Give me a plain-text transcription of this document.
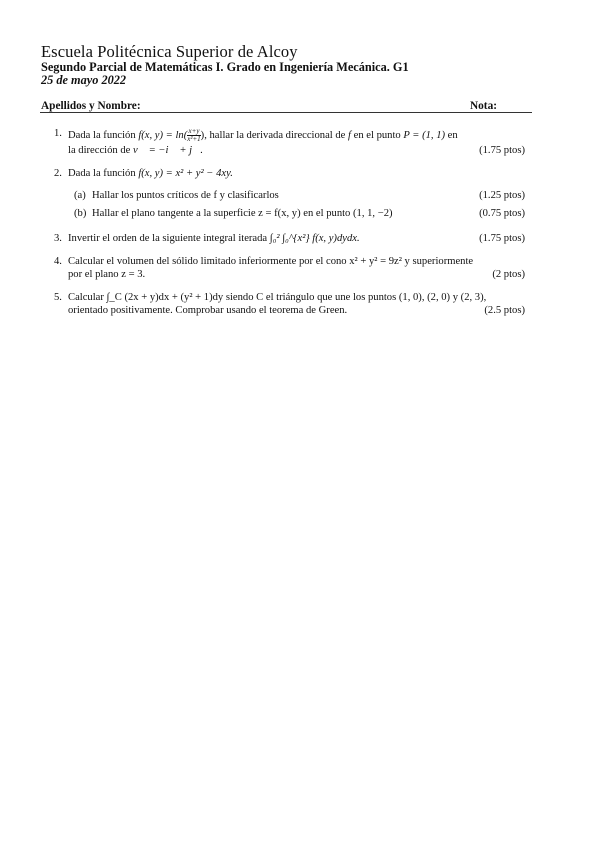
Escuela Politécnica Superior de Alcoy
Segundo Parcial de Matemáticas I. Grado en Ingeniería Mecánica. G1
25 de mayo 2022
Apellidos y Nombre:	Nota:
1. Dada la función f(x, $y) = \ln( \frac{x+y}{\text{x²+1}}$ ), hallar la derivada direccional de f en el punto P = (1, 1) en
la dirección de v⃗ = −i⃗ + j⃗.	(1.75 ptos)
2. Dada la función f(x, y) = x² + y² − 4xy.
(a) Hallar los puntos críticos de f y clasificarlos	(1.25 ptos)
(b) Hallar el plano tangente a la superficie z = f(x, y) en el punto (1, 1, −2)	(0.75 ptos)
3. Invertir el orden de la siguiente integral iterada ∫₀² ∫₀^{x²} f(x, y)dydx.	(1.75 ptos)
4. Calcular el volumen del sólido limitado inferiormente por el cono x² + y² = 9z² y superiormente
por el plano z = 3.	(2 ptos)
5. Calcular ∫_C (2x + y)dx + (y² + 1)dy siendo C el triángulo que une los puntos (1, 0), (2, 0) y (2, 3),
orientado positivamente. Comprobar usando el teorema de Green.	(2.5 ptos)
